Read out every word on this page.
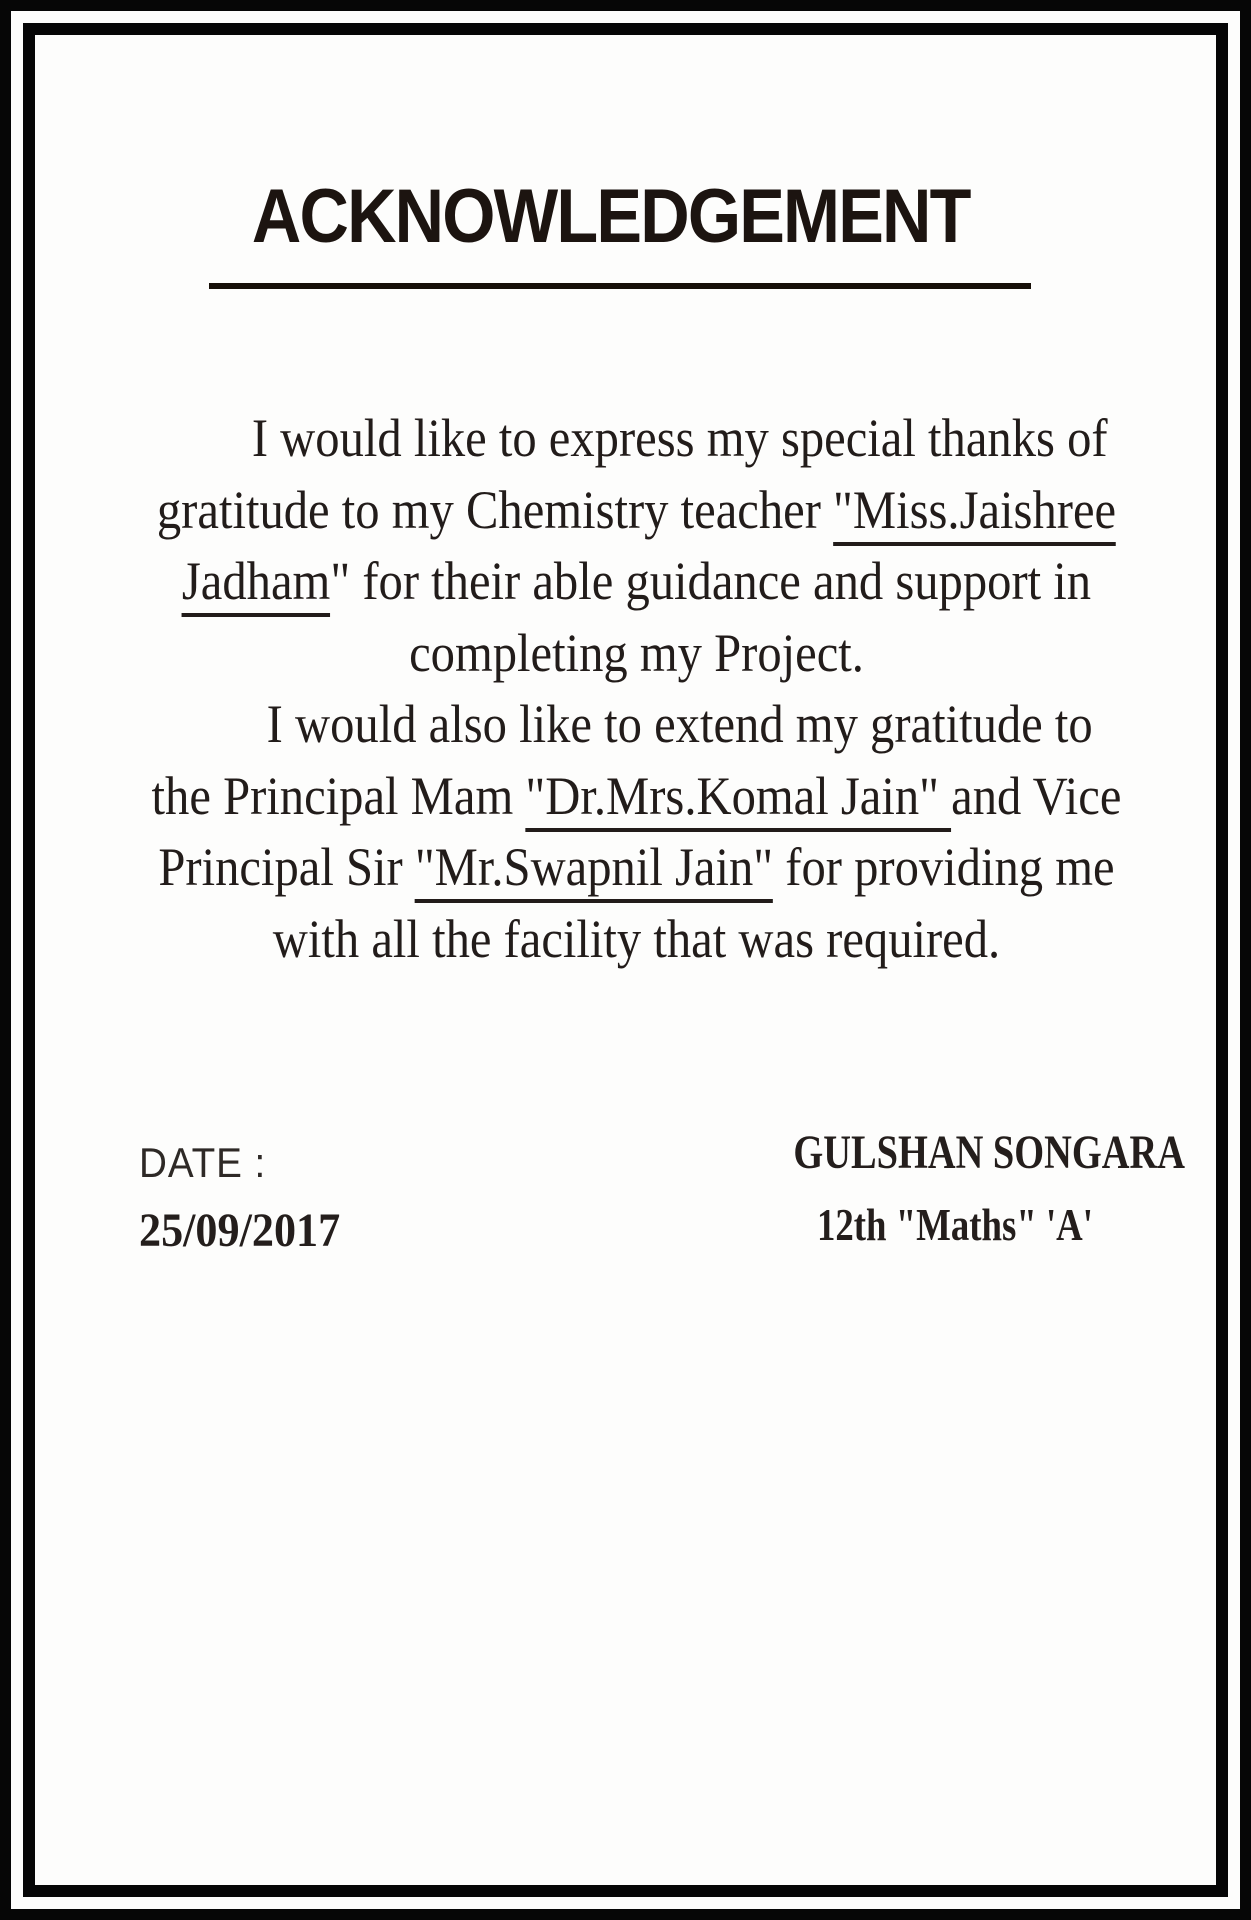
ACKNOWLEDGEMENT
I would like to express my special thanks of
gratitude to my Chemistry teacher "Miss.Jaishree
Jadham" for their able guidance and support in
completing my Project.
I would also like to extend my gratitude to
the Principal Mam "Dr.Mrs.Komal Jain" and Vice
Principal Sir "Mr.Swapnil Jain" for providing me
with all the facility that was required.
DATE :
25/09/2017
GULSHAN SONGARA
12th "Maths" 'A'
